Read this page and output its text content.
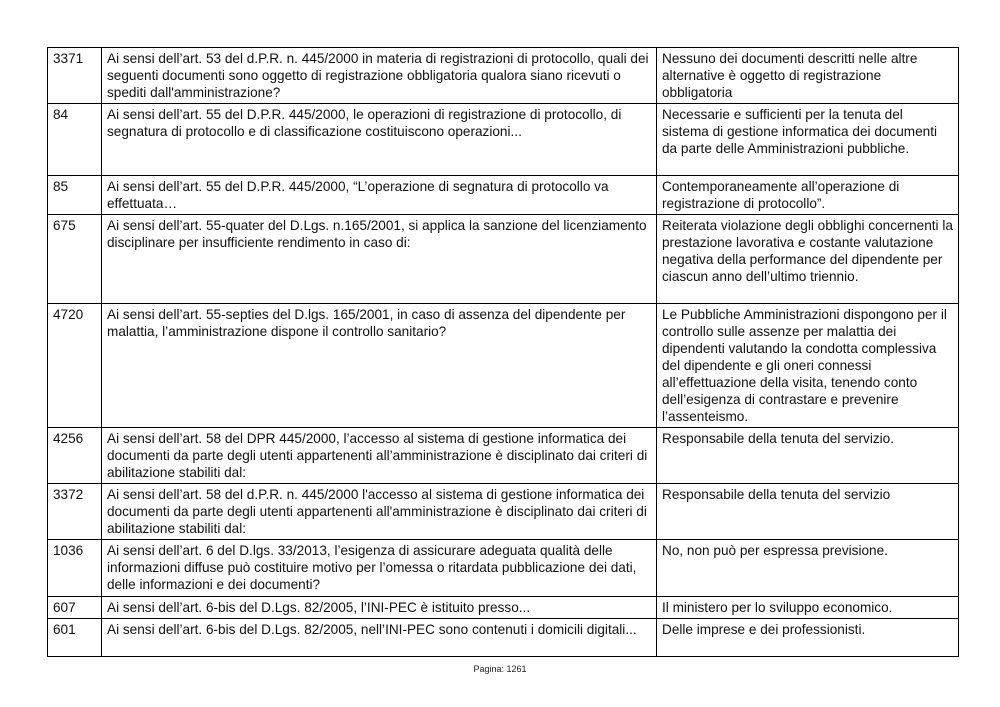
3371	Ai sensi dell’art. 53 del d.P.R. n. 445/2000 in materia di registrazioni di protocollo, quali dei seguenti documenti sono oggetto di registrazione obbligatoria qualora siano ricevuti o spediti dall'amministrazione?	Nessuno dei documenti descritti nelle altre alternative è oggetto di registrazione obbligatoria
84	Ai sensi dell’art. 55 del D.P.R. 445/2000, le operazioni di registrazione di protocollo, di segnatura di protocollo e di classificazione costituiscono operazioni...	Necessarie e sufficienti per la tenuta del sistema di gestione informatica dei documenti da parte delle Amministrazioni pubbliche.
85	Ai sensi dell’art. 55 del D.P.R. 445/2000, “L’operazione di segnatura di protocollo va effettuata…	Contemporaneamente all’operazione di registrazione di protocollo”.
675	Ai sensi dell’art. 55-quater del D.Lgs. n.165/2001, si applica la sanzione del licenziamento disciplinare per insufficiente rendimento in caso di:	Reiterata violazione degli obblighi concernenti la prestazione lavorativa e costante valutazione negativa della performance del dipendente per ciascun anno dell’ultimo triennio.
4720	Ai sensi dell’art. 55-septies del D.lgs. 165/2001, in caso di assenza del dipendente per malattia, l’amministrazione dispone il controllo sanitario?	Le Pubbliche Amministrazioni dispongono per il controllo sulle assenze per malattia dei dipendenti valutando la condotta complessiva del dipendente e gli oneri connessi all’effettuazione della visita, tenendo conto dell’esigenza di contrastare e prevenire l’assenteismo.
4256	Ai sensi dell’art. 58 del DPR 445/2000, l’accesso al sistema di gestione informatica dei documenti da parte degli utenti appartenenti all’amministrazione è disciplinato dai criteri di abilitazione stabiliti dal:	Responsabile della tenuta del servizio.
3372	Ai sensi dell’art. 58 del d.P.R. n. 445/2000 l'accesso al sistema di gestione informatica dei documenti da parte degli utenti appartenenti all'amministrazione è disciplinato dai criteri di abilitazione stabiliti dal:	Responsabile della tenuta del servizio
1036	Ai sensi dell’art. 6 del D.lgs. 33/2013, l’esigenza di assicurare adeguata qualità delle informazioni diffuse può costituire motivo per l’omessa o ritardata pubblicazione dei dati, delle informazioni e dei documenti?	No, non può per espressa previsione.
607	Ai sensi dell’art. 6-bis del D.Lgs. 82/2005, l’INI-PEC è istituito presso...	Il ministero per lo sviluppo economico.
601	Ai sensi dell’art. 6-bis del D.Lgs. 82/2005, nell’INI-PEC sono contenuti i domicili digitali...	Delle imprese e dei professionisti.
Pagina: 1261
